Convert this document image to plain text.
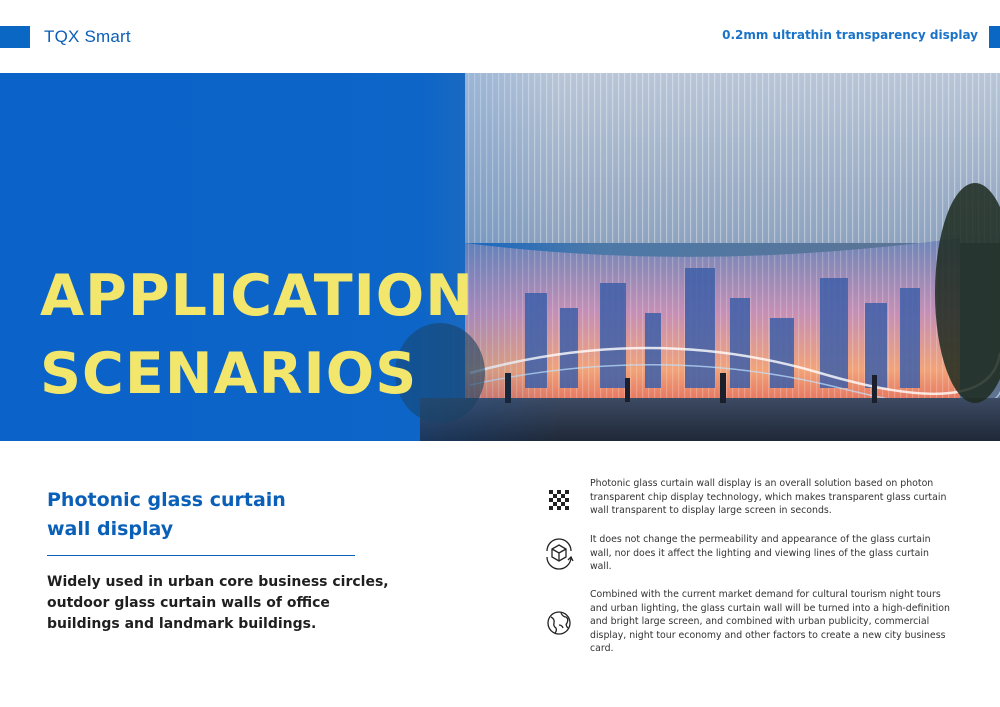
TQX Smart	0.2mm ultrathin transparency display
APPLICATION
SCENARIOS
Photonic glass curtain
wall display
Widely used in urban core business circles, outdoor glass curtain walls of office buildings and landmark buildings.
Photonic glass curtain wall display is an overall solution based on photon transparent chip display technology, which makes transparent glass curtain wall transparent to display large screen in seconds.
It does not change the permeability and appearance of the glass curtain wall, nor does it affect the lighting and viewing lines of the glass curtain wall.
Combined with the current market demand for cultural tourism night tours and urban lighting, the glass curtain wall will be turned into a high-definition and bright large screen, and combined with urban publicity, commercial display, night tour economy and other factors to create a new city business card.
